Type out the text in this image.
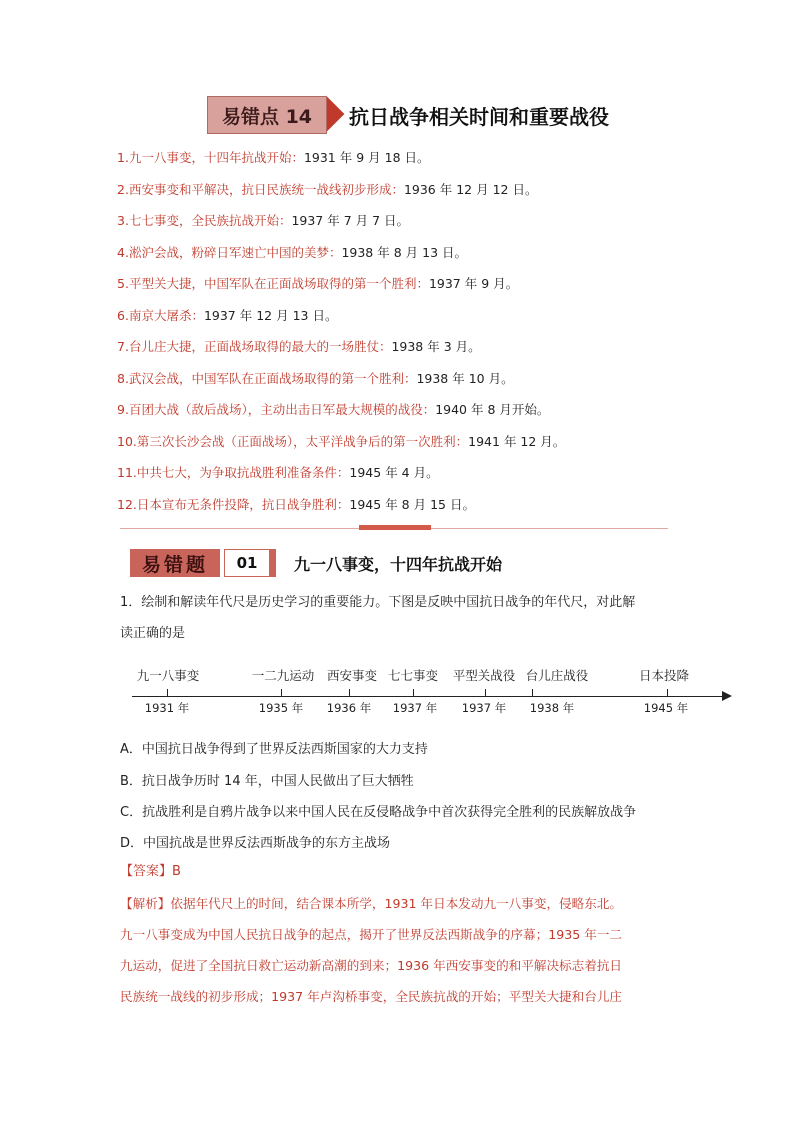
易错点 14	抗日战争相关时间和重要战役
1.九一八事变，十四年抗战开始：1931 年 9 月 18 日。
2.西安事变和平解决，抗日民族统一战线初步形成：1936 年 12 月 12 日。
3.七七事变，全民族抗战开始：1937 年 7 月 7 日。
4.淞沪会战，粉碎日军速亡中国的美梦：1938 年 8 月 13 日。
5.平型关大捷，中国军队在正面战场取得的第一个胜利：1937 年 9 月。
6.南京大屠杀：1937 年 12 月 13 日。
7.台儿庄大捷，正面战场取得的最大的一场胜仗：1938 年 3 月。
8.武汉会战，中国军队在正面战场取得的第一个胜利：1938 年 10 月。
9.百团大战（敌后战场），主动出击日军最大规模的战役：1940 年 8 月开始。
10.第三次长沙会战（正面战场），太平洋战争后的第一次胜利：1941 年 12 月。
11.中共七大，为争取抗战胜利准备条件：1945 年 4 月。
12.日本宣布无条件投降，抗日战争胜利：1945 年 8 月 15 日。
易错题	01	九一八事变，十四年抗战开始
1．绘制和解读年代尺是历史学习的重要能力。下图是反映中国抗日战争的年代尺，对此解
读正确的是
九一八事变	一二九运动 西安事变 七七事变 平型关战役 台儿庄战役	日本投降
1931 年	1935 年 1936 年 1937 年 1937 年 1938 年	1945 年
A．中国抗日战争得到了世界反法西斯国家的大力支持
B．抗日战争历时 14 年，中国人民做出了巨大牺牲
C．抗战胜利是自鸦片战争以来中国人民在反侵略战争中首次获得完全胜利的民族解放战争
D．中国抗战是世界反法西斯战争的东方主战场
【答案】B
【解析】依据年代尺上的时间，结合课本所学，1931 年日本发动九一八事变，侵略东北。
九一八事变成为中国人民抗日战争的起点，揭开了世界反法西斯战争的序幕；1935 年一二
九运动，促进了全国抗日救亡运动新高潮的到来；1936 年西安事变的和平解决标志着抗日
民族统一战线的初步形成；1937 年卢沟桥事变，全民族抗战的开始；平型关大捷和台儿庄
